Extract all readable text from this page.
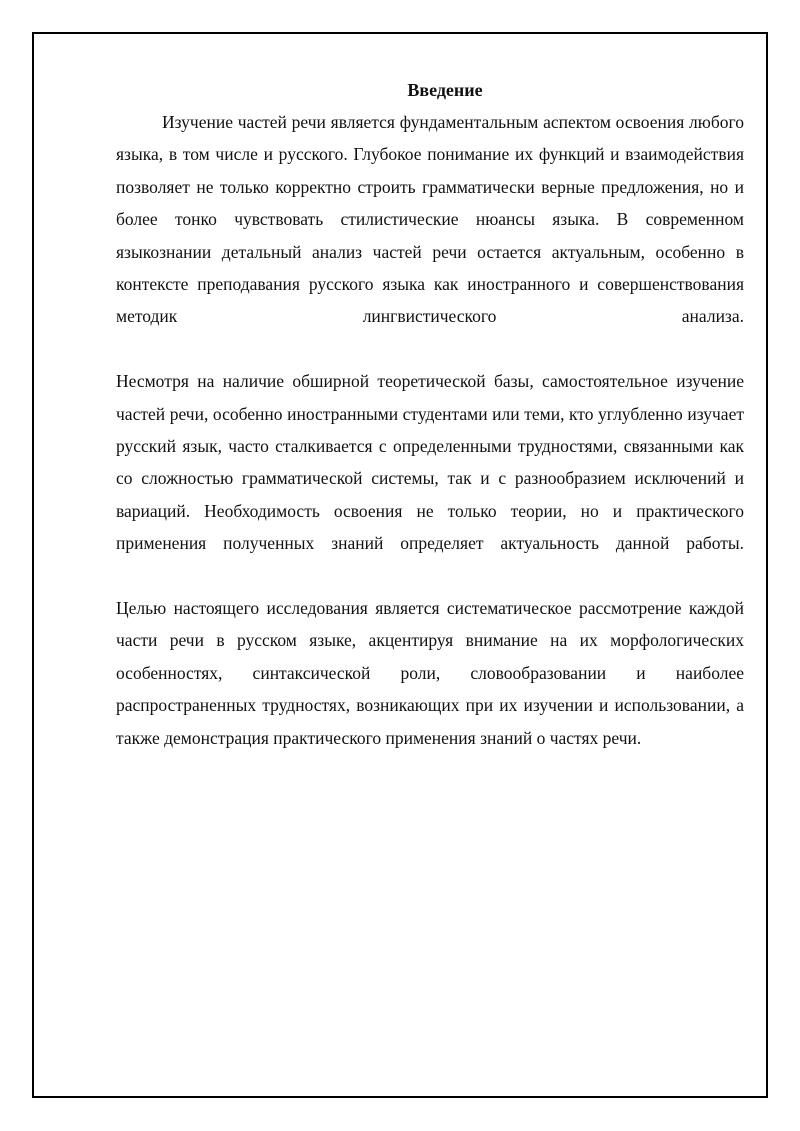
Введение

Изучение частей речи является фундаментальным аспектом освоения любого языка, в том числе и русского. Глубокое понимание их функций и взаимодействия позволяет не только корректно строить грамматически верные предложения, но и более тонко чувствовать стилистические нюансы языка. В современном языкознании детальный анализ частей речи остается актуальным, особенно в контексте преподавания русского языка как иностранного и совершенствования методик лингвистического анализа.

Несмотря на наличие обширной теоретической базы, самостоятельное изучение частей речи, особенно иностранными студентами или теми, кто углубленно изучает русский язык, часто сталкивается с определенными трудностями, связанными как со сложностью грамматической системы, так и с разнообразием исключений и вариаций. Необходимость освоения не только теории, но и практического применения полученных знаний определяет актуальность данной работы.

Целью настоящего исследования является систематическое рассмотрение каждой части речи в русском языке, акцентируя внимание на их морфологических особенностях, синтаксической роли, словообразовании и наиболее распространенных трудностях, возникающих при их изучении и использовании, а также демонстрация практического применения знаний о частях речи.
